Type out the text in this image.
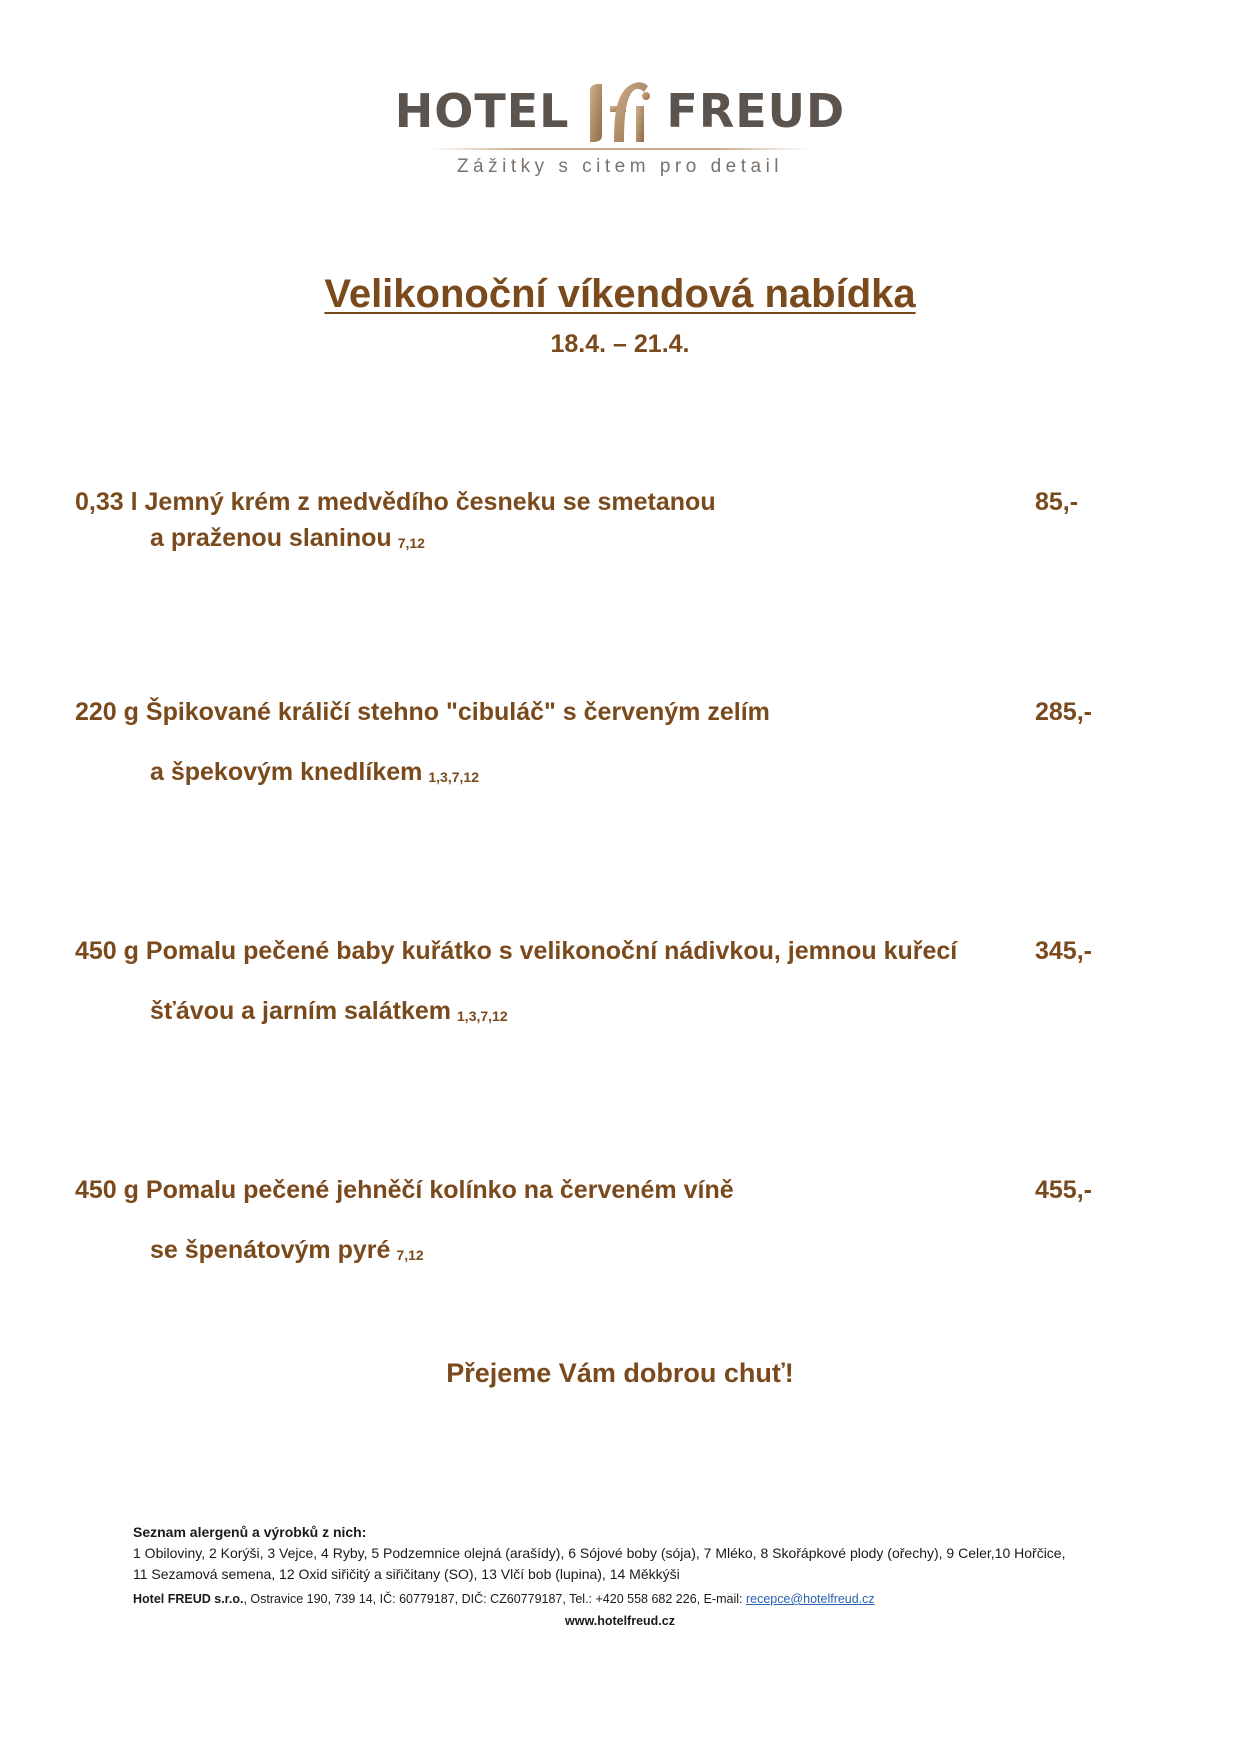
HOTEL FREUD
Zážitky s citem pro detail
Velikonoční víkendová nabídka
18.4. – 21.4.
0,33 l Jemný krém z medvědího česneku se smetanou
a praženou slaninou 7,12
85,-
220 g Špikované králičí stehno "cibuláč" s červeným zelím
a špekovým knedlíkem 1,3,7,12
285,-
450 g Pomalu pečené baby kuřátko s velikonoční nádivkou, jemnou kuřecí
šťávou a jarním salátkem 1,3,7,12
345,-
450 g Pomalu pečené jehněčí kolínko na červeném víně
se špenátovým pyré 7,12
455,-
Přejeme Vám dobrou chuť!
Seznam alergenů a výrobků z nich:
1 Obiloviny, 2 Korýši, 3 Vejce, 4 Ryby, 5 Podzemnice olejná (arašídy), 6 Sójové boby (sója), 7 Mléko, 8 Skořápkové plody (ořechy), 9 Celer,10 Hořčice,
11 Sezamová semena, 12 Oxid siřičitý a siřičitany (SO), 13 Vlčí bob (lupina), 14 Měkkýši
Hotel FREUD s.r.o., Ostravice 190, 739 14, IČ: 60779187, DIČ: CZ60779187, Tel.: +420 558 682 226, E-mail: recepce@hotelfreud.cz
www.hotelfreud.cz
